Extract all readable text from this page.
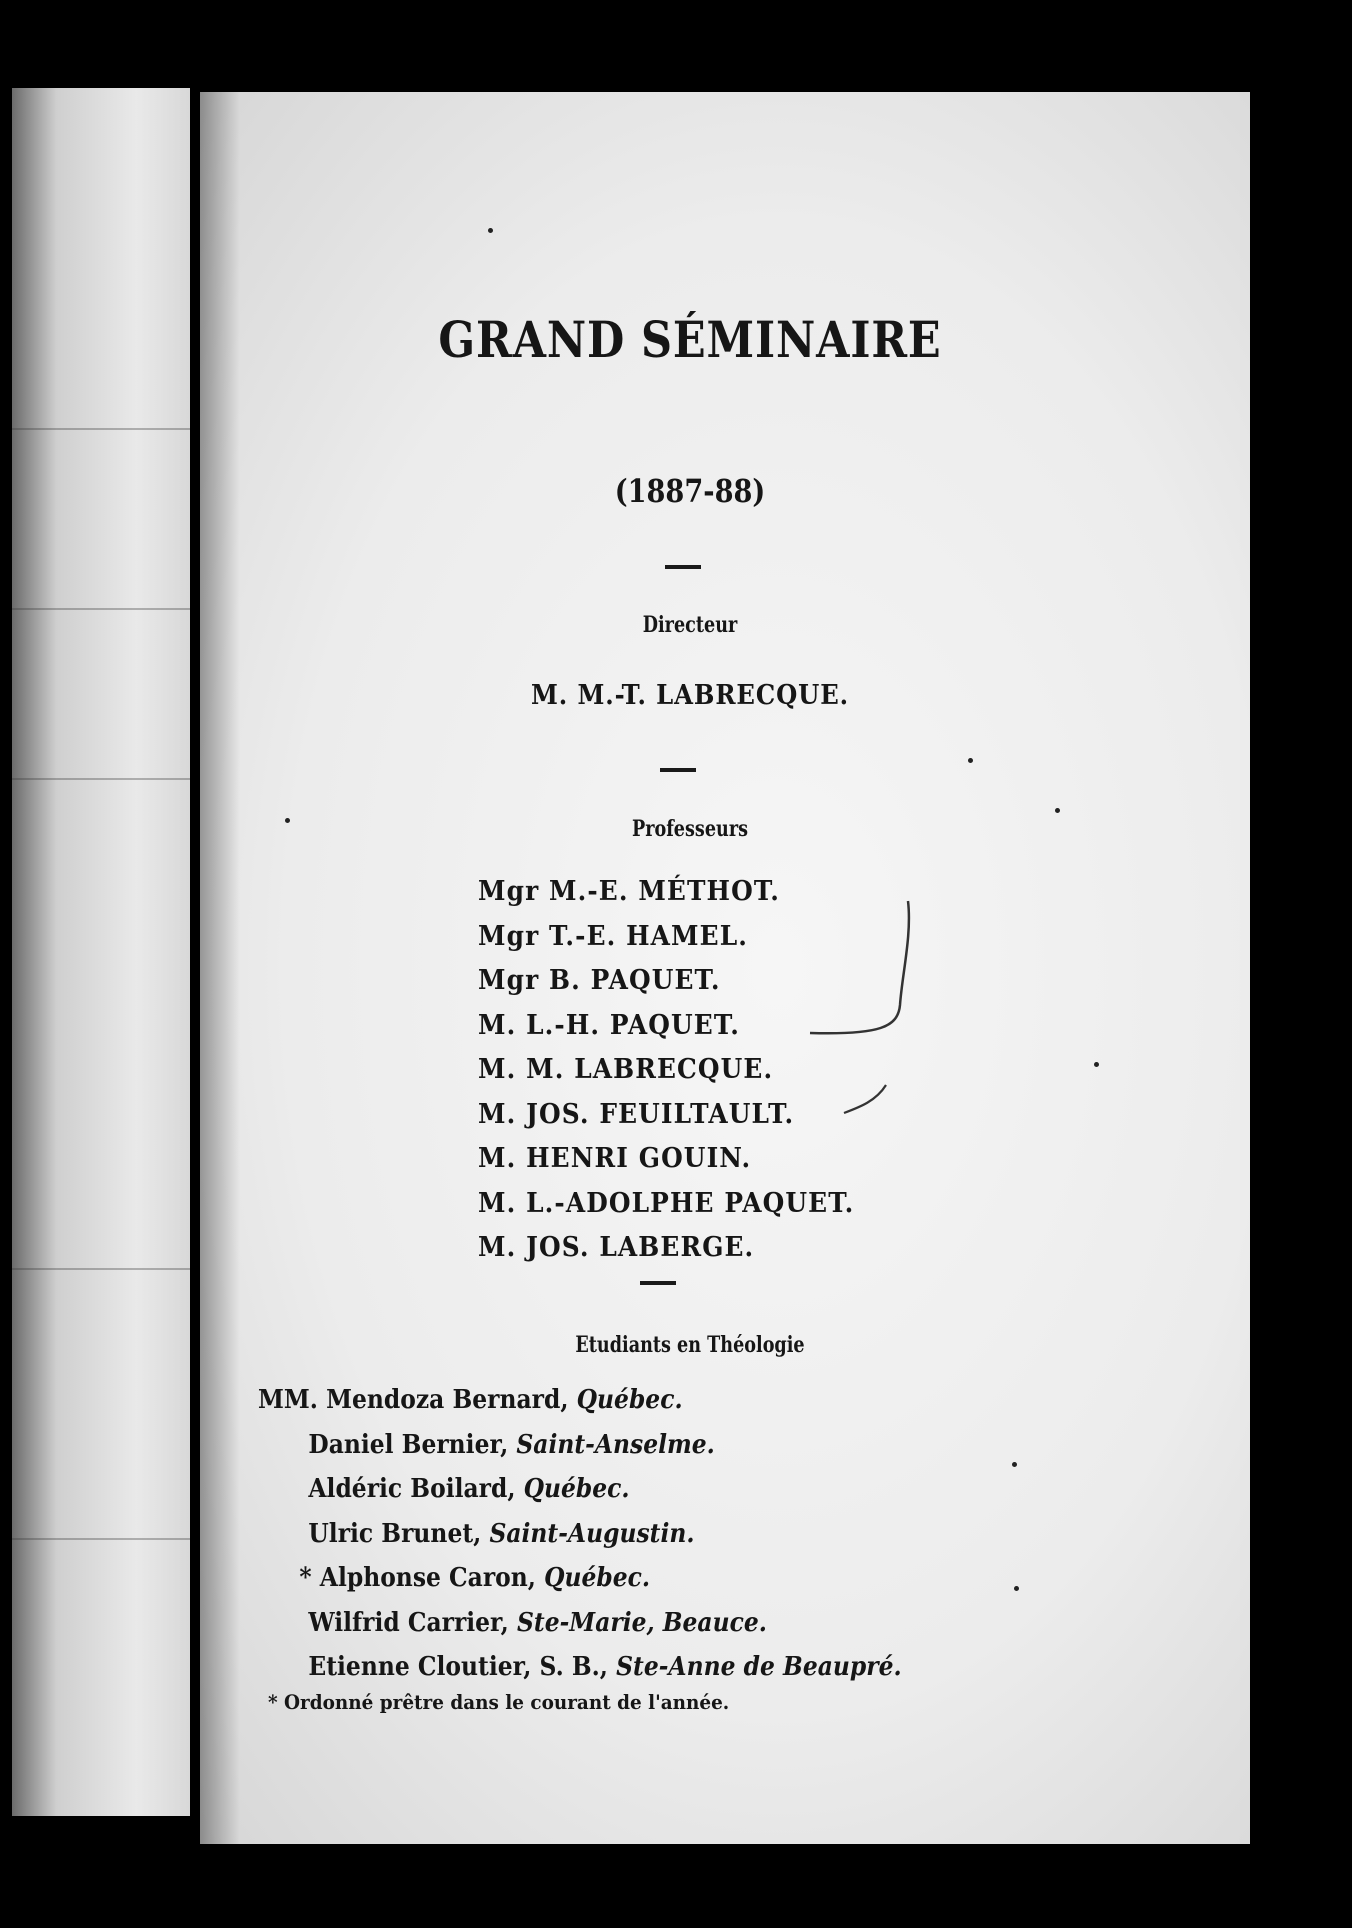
GRAND SÉMINAIRE
(1887-88)
Directeur
M. M.-T. LABRECQUE.
Professeurs
Mgr M.-E. MÉTHOT.
Mgr T.-E. HAMEL.
Mgr B. PAQUET.
M. L.-H. PAQUET.
M. M. LABRECQUE.
M. JOS. FEUILTAULT.
M. HENRI GOUIN.
M. L.-ADOLPHE PAQUET.
M. JOS. LABERGE.
Etudiants en Théologie
MM. Mendoza Bernard, Québec.
Daniel Bernier, Saint-Anselme.
Aldéric Boilard, Québec.
Ulric Brunet, Saint-Augustin.
* Alphonse Caron, Québec.
Wilfrid Carrier, Ste-Marie, Beauce.
Etienne Cloutier, S. B., Ste-Anne de Beaupré.
* Ordonné prêtre dans le courant de l'année.
